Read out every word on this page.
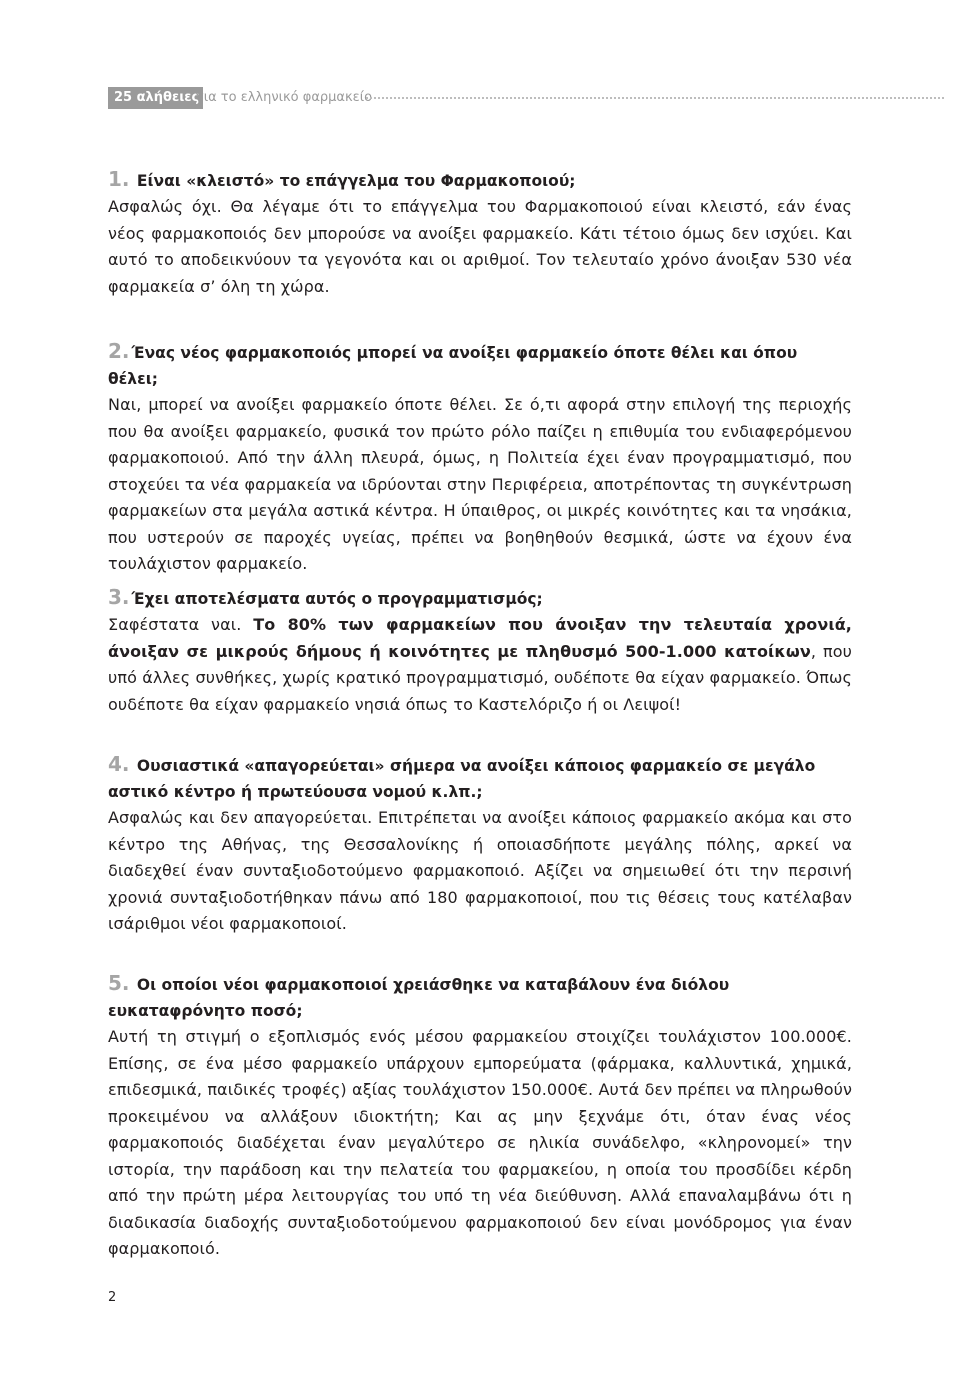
25 αλήθειες
για το ελληνικό φαρμακείο

1. Είναι «κλειστό» το επάγγελμα του Φαρμακοποιού;

Ασφαλώς όχι. Θα λέγαμε ότι το επάγγελμα του Φαρμακοποιού είναι κλειστό, εάν ένας νέος φαρμακοποιός δεν μπορούσε να ανοίξει φαρμακείο. Κάτι τέτοιο όμως δεν ισχύει. Και αυτό το αποδεικνύουν τα γεγονότα και οι αριθμοί. Τον τελευταίο χρόνο άνοιξαν 530 νέα φαρμακεία σ’ όλη τη χώρα.

2. Ένας νέος φαρμακοποιός μπορεί να ανοίξει φαρμακείο όποτε θέλει και όπου θέλει;

Ναι, μπορεί να ανοίξει φαρμακείο όποτε θέλει. Σε ό,τι αφορά στην επιλογή της περιοχής που θα ανοίξει φαρμακείο, φυσικά τον πρώτο ρόλο παίζει η επιθυμία του ενδιαφερόμενου φαρμακοποιού. Από την άλλη πλευρά, όμως, η Πολιτεία έχει έναν προγραμματισμό, που στοχεύει τα νέα φαρμακεία να ιδρύονται στην Περιφέρεια, αποτρέποντας τη συγκέντρωση φαρμακείων στα μεγάλα αστικά κέντρα. Η ύπαιθρος, οι μικρές κοινότητες και τα νησάκια, που υστερούν σε παροχές υγείας, πρέπει να βοηθηθούν θεσμικά, ώστε να έχουν ένα τουλάχιστον φαρμακείο.

3. Έχει αποτελέσματα αυτός ο προγραμματισμός;

Σαφέστατα ναι. Το 80% των φαρμακείων που άνοιξαν την τελευταία χρονιά, άνοιξαν σε μικρούς δήμους ή κοινότητες με πληθυσμό 500-1.000 κατοίκων, που υπό άλλες συνθήκες, χωρίς κρατικό προγραμματισμό, ουδέποτε θα είχαν φαρμακείο. Όπως ουδέποτε θα είχαν φαρμακείο νησιά όπως το Καστελόριζο ή οι Λειψοί!

4. Ουσιαστικά «απαγορεύεται» σήμερα να ανοίξει κάποιος φαρμακείο σε μεγάλο αστικό κέντρο ή πρωτεύουσα νομού κ.λπ.;

Ασφαλώς και δεν απαγορεύεται. Επιτρέπεται να ανοίξει κάποιος φαρμακείο ακόμα και στο κέντρο της Αθήνας, της Θεσσαλονίκης ή οποιασδήποτε μεγάλης πόλης, αρκεί να διαδεχθεί έναν συνταξιοδοτούμενο φαρμακοποιό. Αξίζει να σημειωθεί ότι την περσινή χρονιά συνταξιοδοτήθηκαν πάνω από 180 φαρμακοποιοί, που τις θέσεις τους κατέλαβαν ισάριθμοι νέοι φαρμακοποιοί.

5. Οι οποίοι νέοι φαρμακοποιοί χρειάσθηκε να καταβάλουν ένα διόλου ευκαταφρόνητο ποσό;

Αυτή τη στιγμή ο εξοπλισμός ενός μέσου φαρμακείου στοιχίζει τουλάχιστον 100.000€. Επίσης, σε ένα μέσο φαρμακείο υπάρχουν εμπορεύματα (φάρμακα, καλλυντικά, χημικά, επιδεσμικά, παιδικές τροφές) αξίας τουλάχιστον 150.000€. Αυτά δεν πρέπει να πληρωθούν προκειμένου να αλλάξουν ιδιοκτήτη; Και ας μην ξεχνάμε ότι, όταν ένας νέος φαρμακοποιός διαδέχεται έναν μεγαλύτερο σε ηλικία συνάδελφο, «κληρονομεί» την ιστορία, την παράδοση και την πελατεία του φαρμακείου, η οποία του προσδίδει κέρδη από την πρώτη μέρα λειτουργίας του υπό τη νέα διεύθυνση. Αλλά επαναλαμβάνω ότι η διαδικασία διαδοχής συνταξιοδοτούμενου φαρμακοποιού δεν είναι μονόδρομος για έναν φαρμακοποιό.

2
